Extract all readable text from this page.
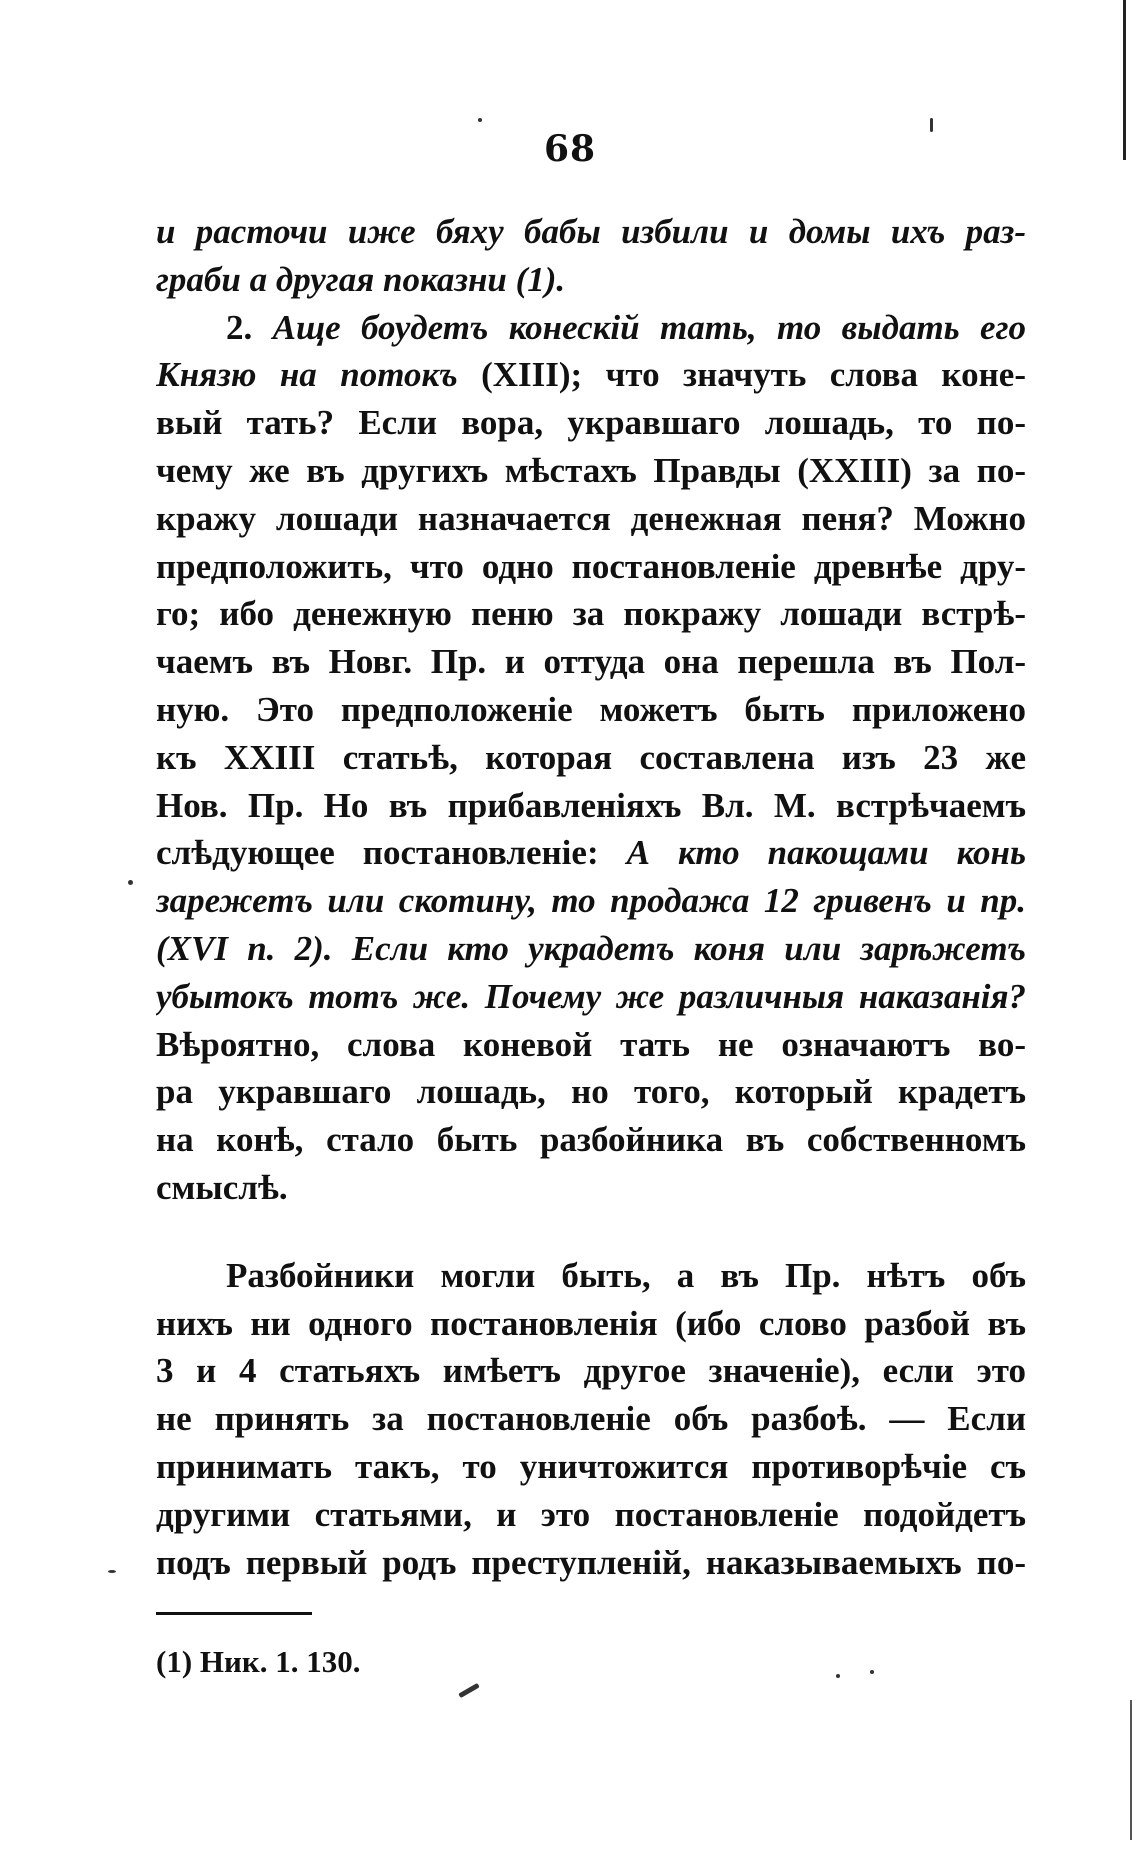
68
и расточи иже бяху бабы избили и домы ихъ раз-
граби а другая показни (1).
2. Аще боудетъ конескій тать, то выдать его
Князю на потокъ (XIII); что значуть слова коне-
вый тать? Если вора, укравшаго лошадь, то по-
чему же въ другихъ мѣстахъ Правды (XXIII) за по-
кражу лошади назначается денежная пеня? Можно
предположить, что одно постановленіе древнѣе дру-
го; ибо денежную пеню за покражу лошади встрѣ-
чаемъ въ Новг. Пр. и оттуда она перешла въ Пол-
ную. Это предположеніе можетъ быть приложено
къ XXIII статьѣ, которая составлена изъ 23 же
Нов. Пр. Но въ прибавленіяхъ Вл. М. встрѣчаемъ
слѣдующее постановленіе: А кто пакощами конь
зарежетъ или скотину, то продажа 12 гривенъ и пр.
(XVI п. 2). Если кто украдетъ коня или зарѣжетъ
убытокъ тотъ же. Почему же различныя наказанія?
Вѣроятно, слова коневой тать не означаютъ во-
ра укравшаго лошадь, но того, который крадетъ
на конѣ, стало быть разбойника въ собственномъ
смыслѣ.
Разбойники могли быть, а въ Пр. нѣтъ объ
нихъ ни одного постановленія (ибо слово разбой въ
3 и 4 статьяхъ имѣетъ другое значеніе), если это
не принять за постановленіе объ разбоѣ. — Если
принимать такъ, то уничтожится противорѣчіе съ
другими статьями, и это постановленіе подойдетъ
подъ первый родъ преступленій, наказываемыхъ по-
(1) Ник. 1. 130.
